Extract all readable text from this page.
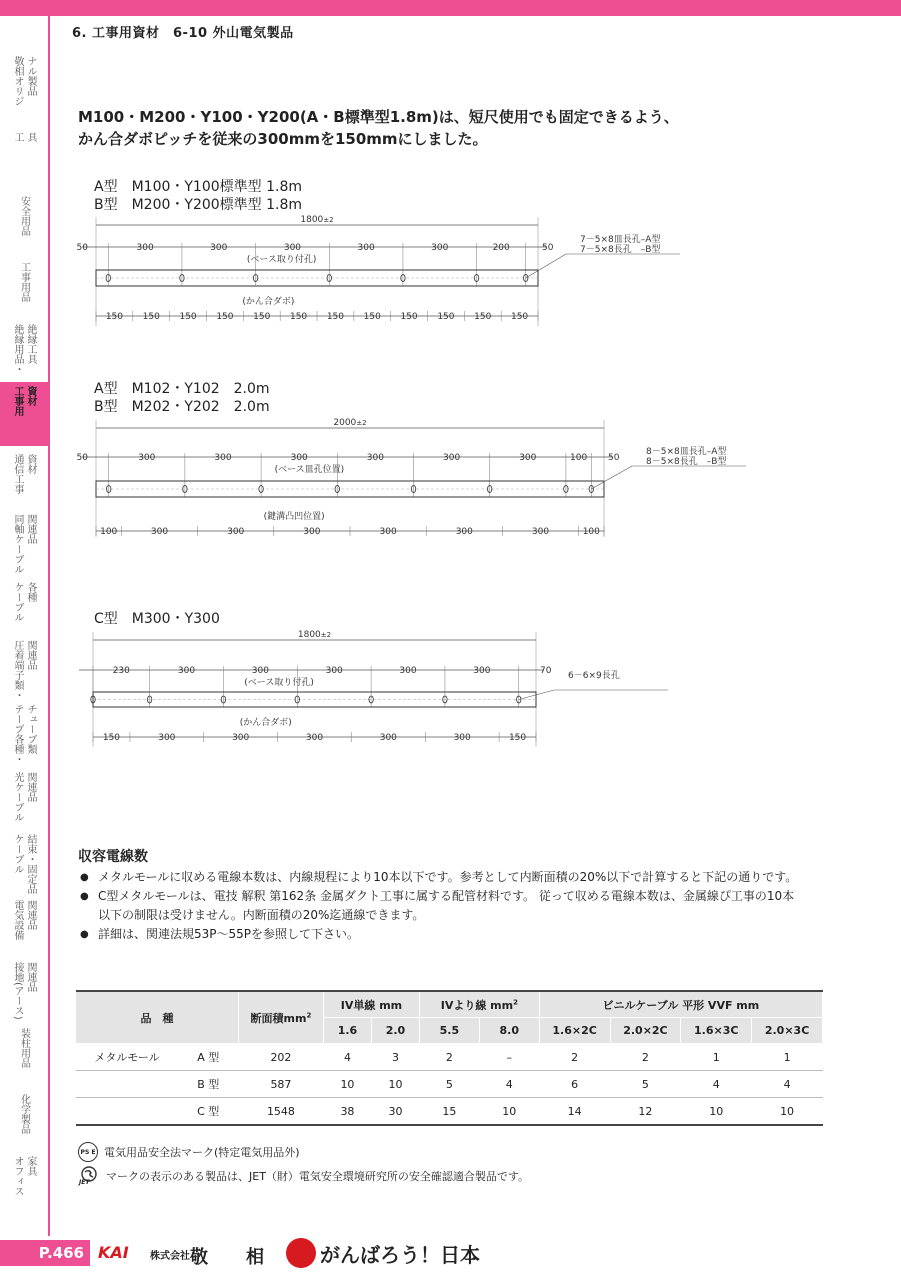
6. 工事用資材　6-10 外山電気製品
敬相オリジ ナル製品
工 具
安全用品
工事用品
絶縁用品・ 絶縁工具
工事用 資材
通信工事 資材
同軸ケーブル 関連品
ケーブル 各種
圧着端子類・ 関連品
テープ各種・ チューブ類
光ケーブル 関連品
ケーブル 結束・固定品
電気設備 関連品
接地(アース) 関連品
装柱用品
化学製品
オフィス 家具
M100・M200・Y100・Y200(A・B標準型1.8m)は、短尺使用でも固定できるよう、
かん合ダボピッチを従来の300mmを150mmにしました。
A型　M100・Y100標準型 1.8m
B型　M200・Y200標準型 1.8m
A型　M102・Y102　2.0m
B型　M202・Y202　2.0m
C型　M300・Y300
1800±2
50	50
300	300	300	300	300	200
(ベース取り付孔)
150 150 150 150 150 150 150 150 150 150 150 150
(かん合ダボ)
7－5×8皿長孔–A型
7－5×8長孔　–B型
2000±2
50	50
300	300	300	300	300	300	100
(ベース皿孔位置)
100	300	300	300	300	300	300	100
(鍵溝凸凹位置)
8－5×8皿長孔–A型
8－5×8長孔　–B型
1800±2
70
230	300	300	300	300	300
(ベース取り付孔)
150	300	300	300	300	300	150
(かん合ダボ)
6－6×9長孔
収容電線数
● メタルモールに収める電線本数は、内線規程により10本以下です。参考として内断面積の20%以下で計算すると下記の通りです。
● C型メタルモールは、電技 解釈 第162条 金属ダクト工事に属する配管材料です。 従って収める電線本数は、金属線ぴ工事の10本以下の制限は受けません。内断面積の20%迄通線できます。
● 詳細は、関連法規53P～55Pを参照して下さい。
品　種		断面積$mm^2$	IV単線 mm		IVより線 $mm^2$		ビニルケーブル 平形 VVF mm			
			1.6	2.0	5.5	8.0	1.6×2C	2.0×2C	1.6×3C	2.0×3C
メタルモール	A 型	202	4	3	2	–	2	2	1	1
	B 型	587	10	10	5	4	6	5	4	4
	C 型	1548	38	30	15	10	14	12	10	10
PS E 電気用品安全法マーク(特定電気用品外)
JET マークの表示のある製品は、JET（財）電気安全環境研究所の安全確認適合製品です。
P.466 KAI 株式会社 敬 相	がんばろう！日本
